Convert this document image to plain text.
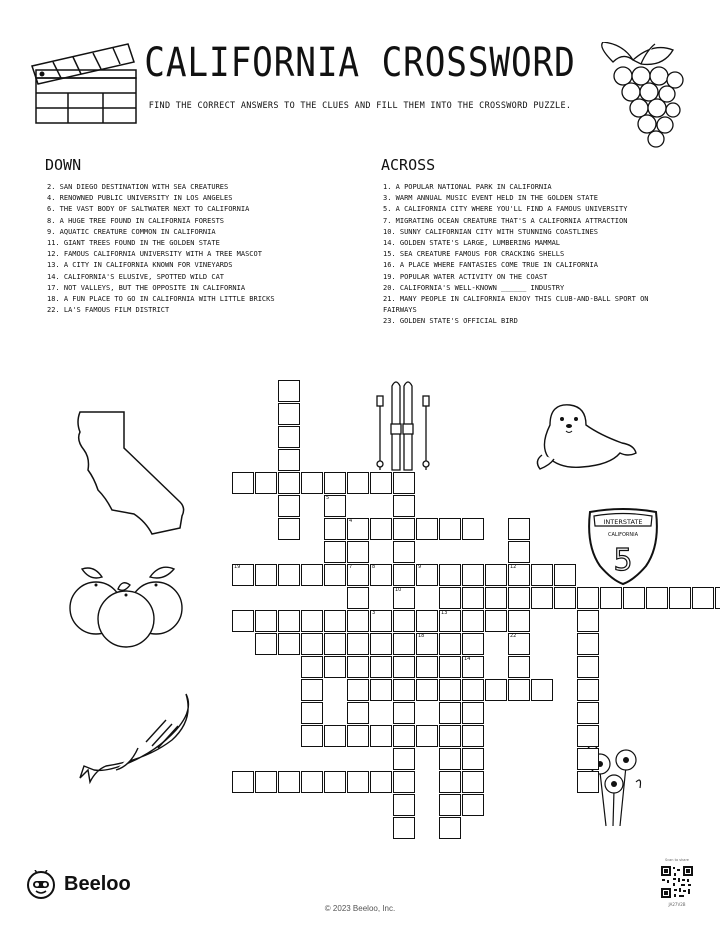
CALIFORNIA CROSSWORD
FIND THE CORRECT ANSWERS TO THE CLUES AND FILL THEM INTO THE CROSSWORD PUZZLE.
DOWN
2. SAN DIEGO DESTINATION WITH SEA CREATURES
4. RENOWNED PUBLIC UNIVERSITY IN LOS ANGELES
6. THE VAST BODY OF SALTWATER NEXT TO CALIFORNIA
8. A HUGE TREE FOUND IN CALIFORNIA FORESTS
9. AQUATIC CREATURE COMMON IN CALIFORNIA
11. GIANT TREES FOUND IN THE GOLDEN STATE
12. FAMOUS CALIFORNIA UNIVERSITY WITH A TREE MASCOT
13. A CITY IN CALIFORNIA KNOWN FOR VINEYARDS
14. CALIFORNIA'S ELUSIVE, SPOTTED WILD CAT
17. NOT VALLEYS, BUT THE OPPOSITE IN CALIFORNIA
18. A FUN PLACE TO GO IN CALIFORNIA WITH LITTLE BRICKS
22. LA'S FAMOUS FILM DISTRICT
ACROSS
1. A POPULAR NATIONAL PARK IN CALIFORNIA
3. WARM ANNUAL MUSIC EVENT HELD IN THE GOLDEN STATE
5. A CALIFORNIA CITY WHERE YOU'LL FIND A FAMOUS UNIVERSITY
7. MIGRATING OCEAN CREATURE THAT'S A CALIFORNIA ATTRACTION
10. SUNNY CALIFORNIAN CITY WITH STUNNING COASTLINES
14. GOLDEN STATE'S LARGE, LUMBERING MAMMAL
15. SEA CREATURE FAMOUS FOR CRACKING SHELLS
16. A PLACE WHERE FANTASIES COME TRUE IN CALIFORNIA
19. POPULAR WATER ACTIVITY ON THE COAST
20. CALIFORNIA'S WELL-KNOWN ______ INDUSTRY
21. MANY PEOPLE IN CALIFORNIA ENJOY THIS CLUB-AND-BALL SPORT ON FAIRWAYS
23. GOLDEN STATE'S OFFICIAL BIRD
INTERSTATE
CALIFORNIA
5
5
4
7
10
8	9	12
19
3	13
14
22
18
Beeloo
© 2023 Beeloo, Inc.
Scan to share
JA27V2B
